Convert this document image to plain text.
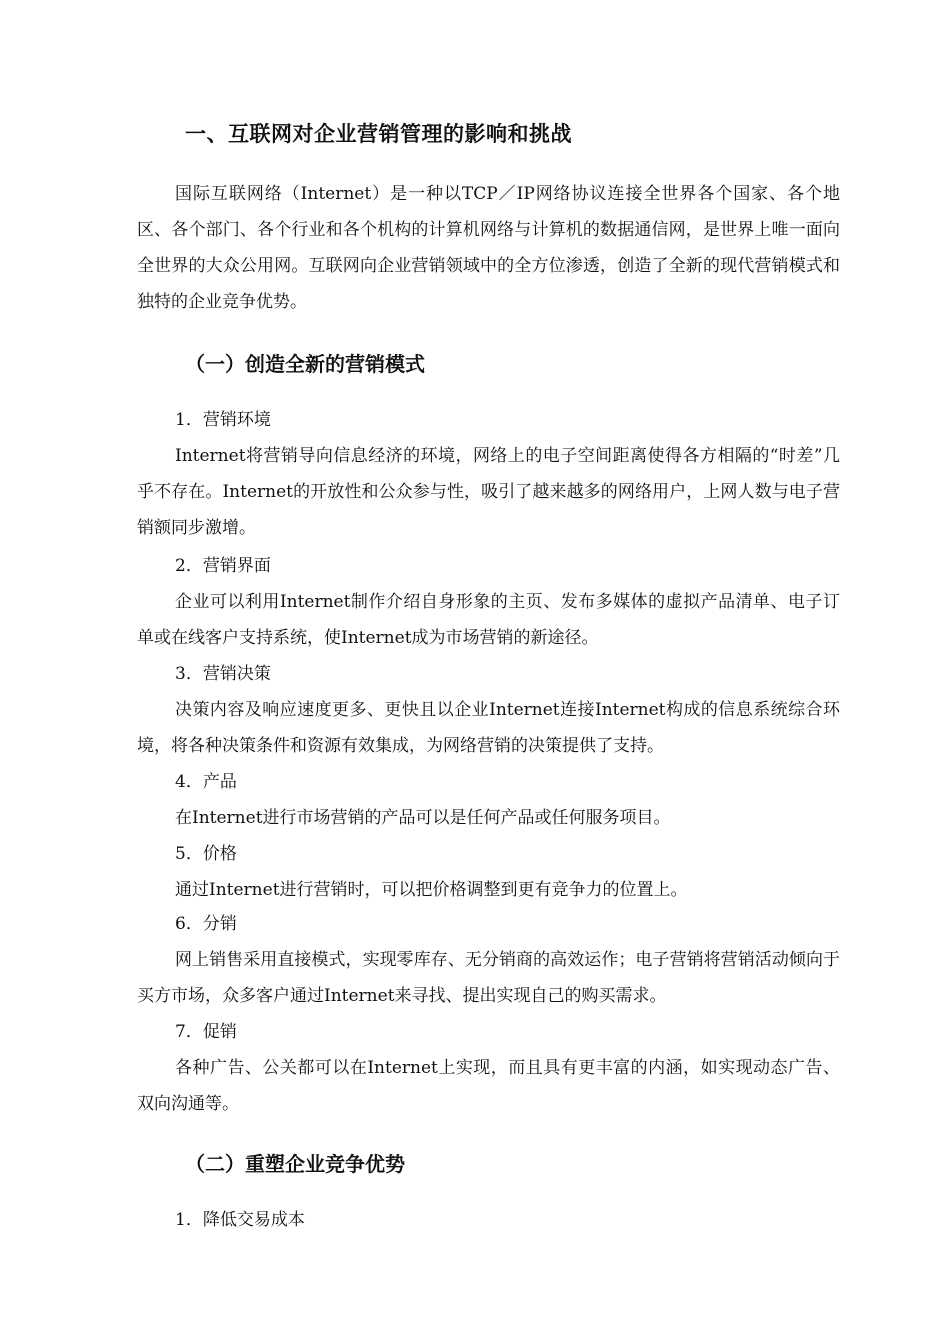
一、互联网对企业营销管理的影响和挑战

国际互联网络（Internet）是一种以TCP／IP网络协议连接全世界各个国家、各个地区、各个部门、各个行业和各个机构的计算机网络与计算机的数据通信网，是世界上唯一面向全世界的大众公用网。互联网向企业营销领域中的全方位渗透，创造了全新的现代营销模式和独特的企业竞争优势。

（一）创造全新的营销模式
1．营销环境

Internet将营销导向信息经济的环境，网络上的电子空间距离使得各方相隔的“时差”几乎不存在。Internet的开放性和公众参与性，吸引了越来越多的网络用户，上网人数与电子营销额同步激增。

2．营销界面

企业可以利用Internet制作介绍自身形象的主页、发布多媒体的虚拟产品清单、电子订单或在线客户支持系统，使Internet成为市场营销的新途径。

3．营销决策

决策内容及响应速度更多、更快且以企业Internet连接Internet构成的信息系统综合环境，将各种决策条件和资源有效集成，为网络营销的决策提供了支持。

4．产品

在Internet进行市场营销的产品可以是任何产品或任何服务项目。

5．价格

通过Internet进行营销时，可以把价格调整到更有竞争力的位置上。

6．分销

网上销售采用直接模式，实现零库存、无分销商的高效运作；电子营销将营销活动倾向于买方市场，众多客户通过Internet来寻找、提出实现自己的购买需求。

7．促销

各种广告、公关都可以在Internet上实现，而且具有更丰富的内涵，如实现动态广告、双向沟通等。

（二）重塑企业竞争优势
1．降低交易成本
